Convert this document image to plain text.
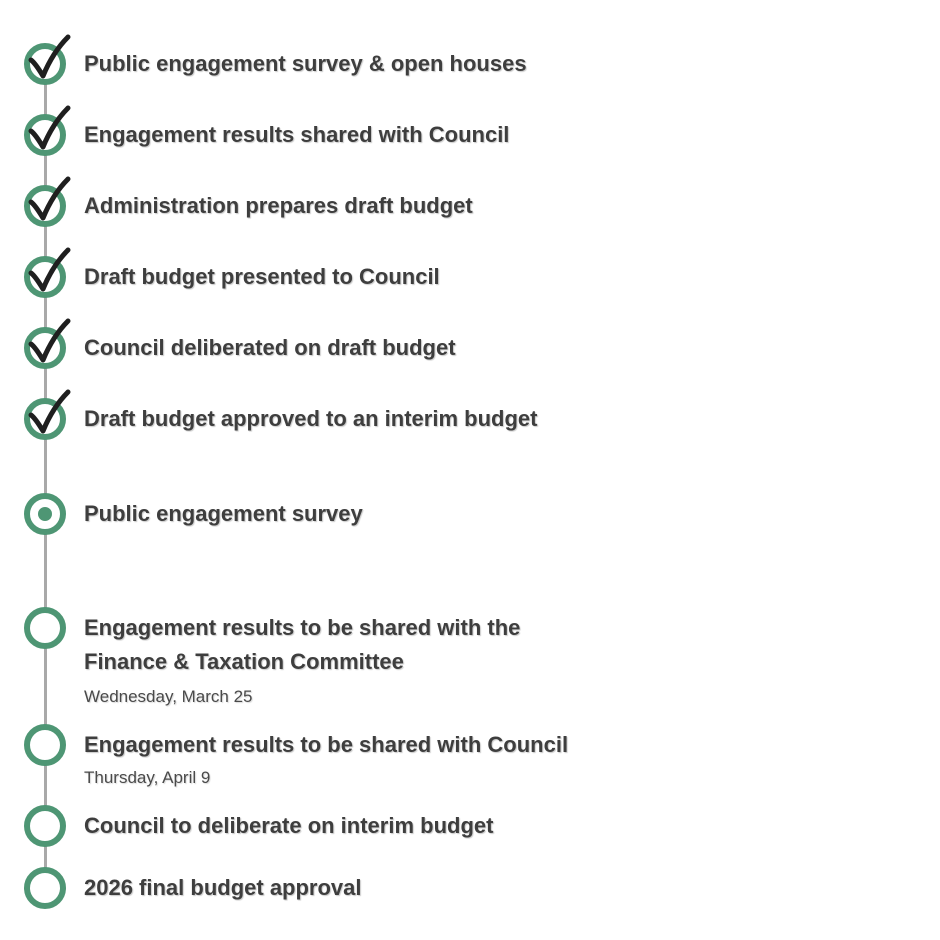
Public engagement survey & open houses
Engagement results shared with Council
Administration prepares draft budget
Draft budget presented to Council
Council deliberated on draft budget
Draft budget approved to an interim budget
Public engagement survey
Engagement results to be shared with the Finance & Taxation Committee
Wednesday, March 25
Engagement results to be shared with Council
Thursday, April 9
Council to deliberate on interim budget
2026 final budget approval
